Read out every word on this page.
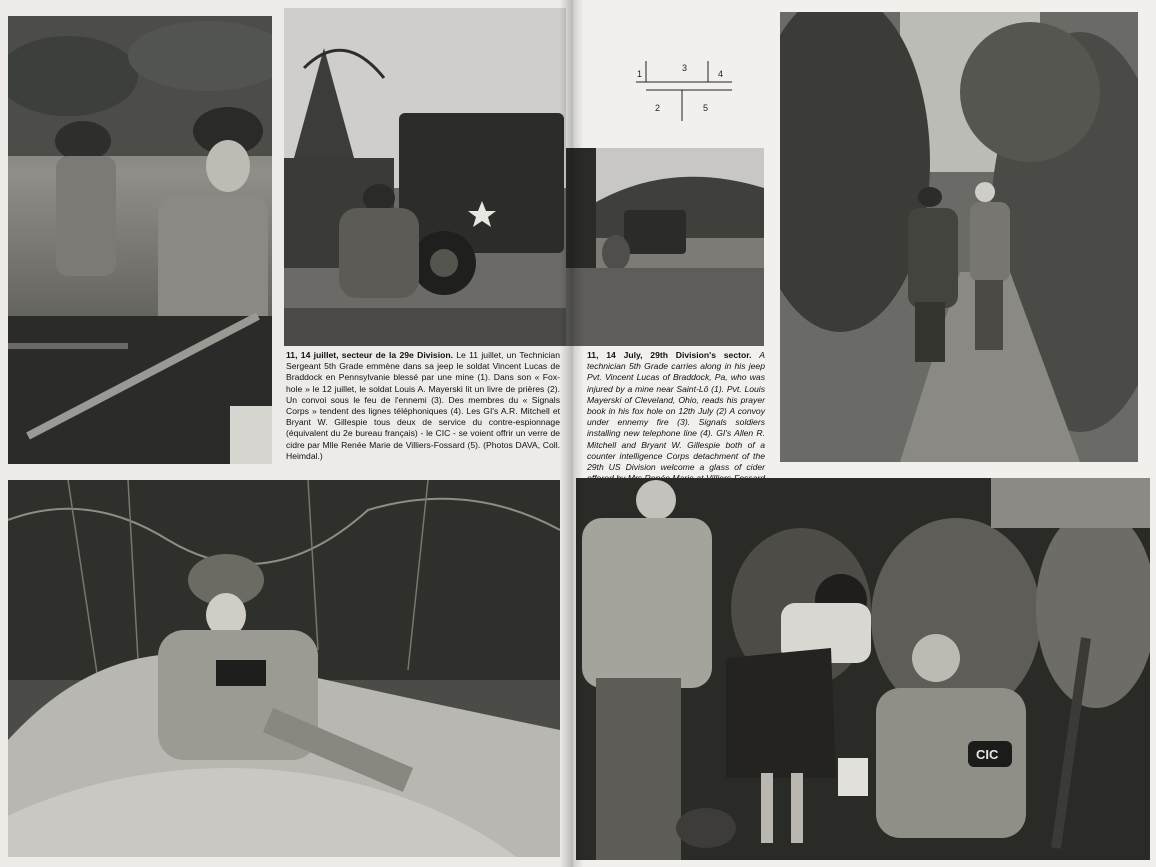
1
3
4
2	5
11, 14 juillet, secteur de la 29e Division. Le 11 juillet, un Technician Sergeant 5th Grade emmène dans sa jeep le soldat Vincent Lucas de Braddock en Pennsylvanie blessé par une mine (1). Dans son « Fox-hole » le 12 juillet, le soldat Louis A. Mayerski lit un livre de prières (2). Un convoi sous le feu de l'ennemi (3). Des membres du « Signals Corps » tendent des lignes téléphoniques (4). Les GI's A.R. Mitchell et Bryant W. Gillespie tous deux de service du contre-espionnage (équivalent du 2e bureau français) - le CIC - se voient offrir un verre de cidre par Mlle Renée Marie de Villiers-Fossard (5). (Photos DAVA, Coll. Heimdal.)
11, 14 July, 29th Division's sector. A technician 5th Grade carries along in his jeep Pvt. Vincent Lucas of Braddock, Pa, who was injured by a mine near Saint-Lô (1). Pvt. Louis Mayerski of Cleveland, Ohio, reads his prayer book in his fox hole on 12th July (2) A convoy under ennemy fire (3). Signals soldiers installing new telephone line (4). GI's Allen R. Mitchell and Bryant W. Gillespie both of a counter intelligence Corps detachment of the 29th US Division welcome a glass of cider
CIC
